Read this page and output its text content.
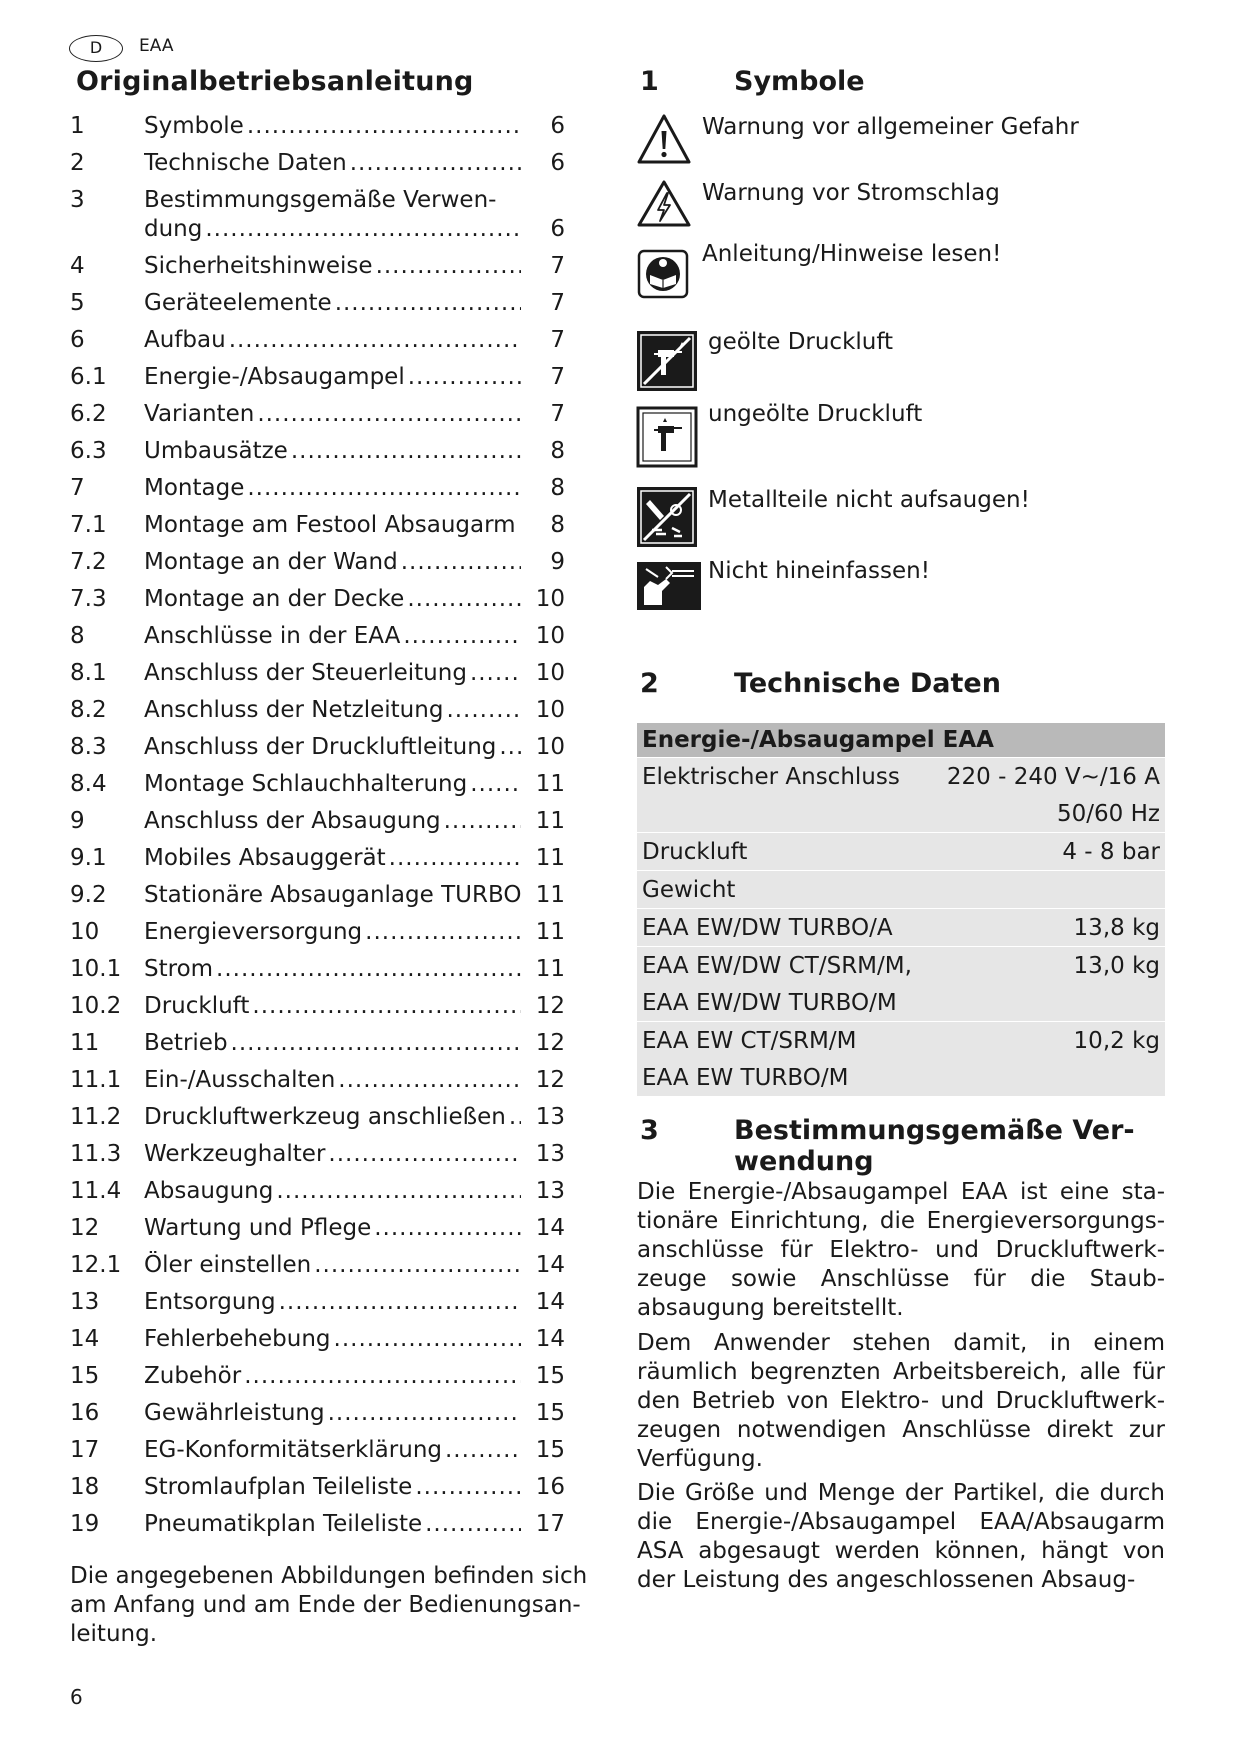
D	EAA
Originalbetriebsanleitung
1	Symbole .....	6
2	Technische Daten .....	6
3	Bestimmungsgemäße Verwen-
dung .....	6
4	Sicherheitshinweise .....	7
5	Geräteelemente .....	7
6	Aufbau .....	7
6.1	Energie-/Absaugampel .....	7
6.2	Varianten .....	7
6.3	Umbausätze .....	8
7	Montage .....	8
7.1	Montage am Festool Absaugarm .....	8
7.2	Montage an der Wand .....	9
7.3	Montage an der Decke .....	10
8	Anschlüsse in der EAA .....	10
8.1	Anschluss der Steuerleitung .....	10
8.2	Anschluss der Netzleitung .....	10
8.3	Anschluss der Druckluftleitung .....	10
8.4	Montage Schlauchhalterung .....	11
9	Anschluss der Absaugung .....	11
9.1	Mobiles Absauggerät .....	11
9.2	Stationäre Absauganlage TURBO 11
10	Energieversorgung .....	11
10.1 Strom .....	11
10.2 Druckluft .....	12
11	Betrieb .....	12
11.1 Ein-/Ausschalten .....	12
11.2 Druckluftwerkzeug anschließen .....	13
11.3 Werkzeughalter .....	13
11.4 Absaugung .....	13
12	Wartung und Pflege .....	14
12.1 Öler einstellen .....	14
13	Entsorgung .....	14
14	Fehlerbehebung .....	14
15	Zubehör .....	15
16	Gewährleistung .....	15
17	EG-Konformitätserklärung .....	15
18	Stromlaufplan Teileliste .....	16
19	Pneumatikplan Teileliste .....	17

Die angegebenen Abbildungen befinden sich am Anfang und am Ende der Bedienungsan-leitung.

6
1	Symbole
Warnung vor allgemeiner Gefahr
Warnung vor Stromschlag
Anleitung/Hinweise lesen!
geölte Druckluft
ungeölte Druckluft
Metallteile nicht aufsaugen!
Nicht hineinfassen!
2	Technische Daten
Energie-/Absaugampel EAA	
Elektrischer Anschluss	220 - 240 V~/16 A
	50/60 Hz
Druckluft	4 - 8 bar
Gewicht	
EAA EW/DW TURBO/A	13,8 kg
EAA EW/DW CT/SRM/M,	13,0 kg
EAA EW/DW TURBO/M	
EAA EW CT/SRM/M	10,2 kg
EAA EW TURBO/M	
3	Bestimmungsgemäße Ver-
wendung

Die Energie-/Absaugampel EAA ist eine sta-tionäre Einrichtung, die Energieversorgungs-anschlüsse für Elektro- und Druckluftwerk-zeuge sowie Anschlüsse für die Staub-absaugung bereitstellt.

Dem Anwender stehen damit, in einem räumlich begrenzten Arbeitsbereich, alle für den Betrieb von Elektro- und Druckluftwerk-zeugen notwendigen Anschlüsse direkt zur Verfügung.

Die Größe und Menge der Partikel, die durch die Energie-/Absaugampel EAA/Absaugarm ASA abgesaugt werden können, hängt von der Leistung des angeschlossenen Absaug-
